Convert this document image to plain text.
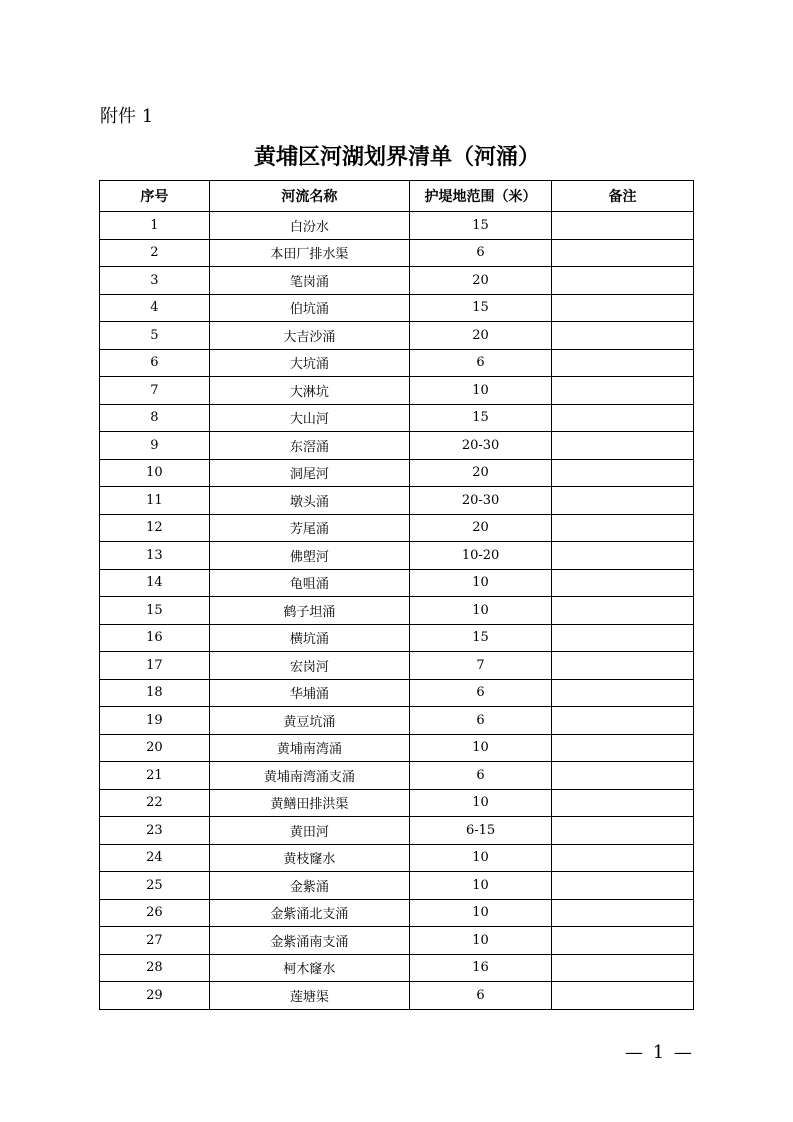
附件 1
黄埔区河湖划界清单（河涌）
序号	河流名称	护堤地范围（米）	备注
1	白汾水	15	
2	本田厂排水渠	6	
3	笔岗涌	20	
4	伯坑涌	15	
5	大吉沙涌	20	
6	大坑涌	6	
7	大淋坑	10	
8	大山河	15	
9	东滘涌	20-30	
10	洞尾河	20	
11	墩头涌	20-30	
12	芳尾涌	20	
13	佛塱河	10-20	
14	龟咀涌	10	
15	鹤子坦涌	10	
16	横坑涌	15	
17	宏岗河	7	
18	华埔涌	6	
19	黄豆坑涌	6	
20	黄埔南湾涌	10	
21	黄埔南湾涌支涌	6	
22	黄鳝田排洪渠	10	
23	黄田河	6-15	
24	黄枝窿水	10	
25	金紫涌	10	
26	金紫涌北支涌	10	
27	金紫涌南支涌	10	
28	柯木窿水	16	
29	莲塘渠	6	
— 1 —
